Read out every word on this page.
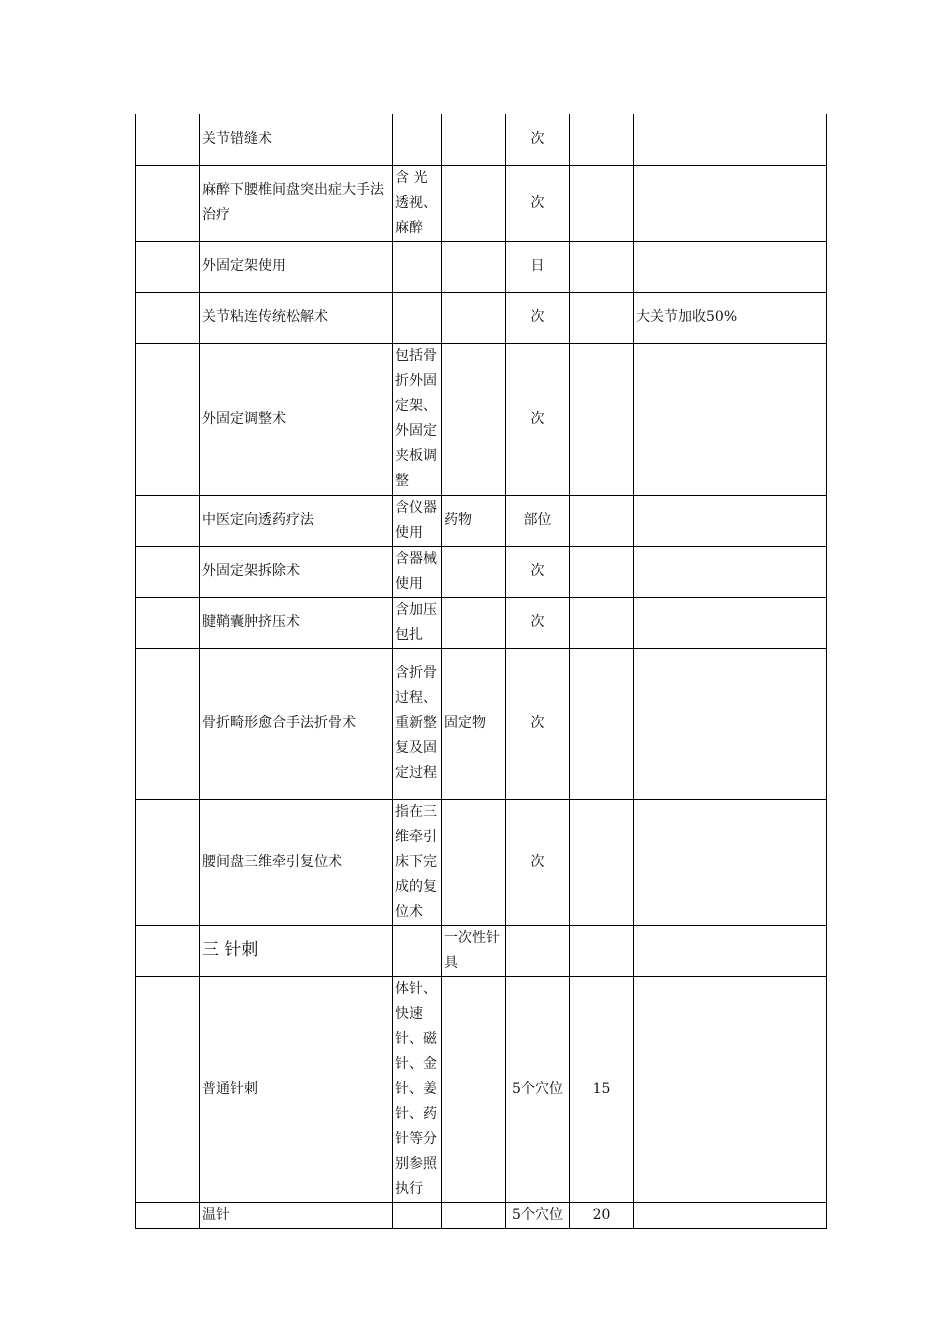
	关节错缝术			次		
	麻醉下腰椎间盘突出症大手法治疗	含 光透视、麻醉		次		
	外固定架使用			日		
	关节粘连传统松解术			次		大关节加收50%
	外固定调整术	包括骨折外固定架、外固定夹板调整		次		
	中医定向透药疗法	含仪器使用	药物	部位		
	外固定架拆除术	含器械使用		次		
	腱鞘囊肿挤压术	含加压包扎		次		
	骨折畸形愈合手法折骨术	含折骨过程、重新整复及固定过程	固定物	次		
	腰间盘三维牵引复位术	指在三维牵引床下完成的复位术		次		
	三 针刺		一次性针具			
	普通针刺	体针、快速针、磁针、金针、姜针、药针等分别参照执行		5个穴位	15	
	温针			5个穴位	20	
